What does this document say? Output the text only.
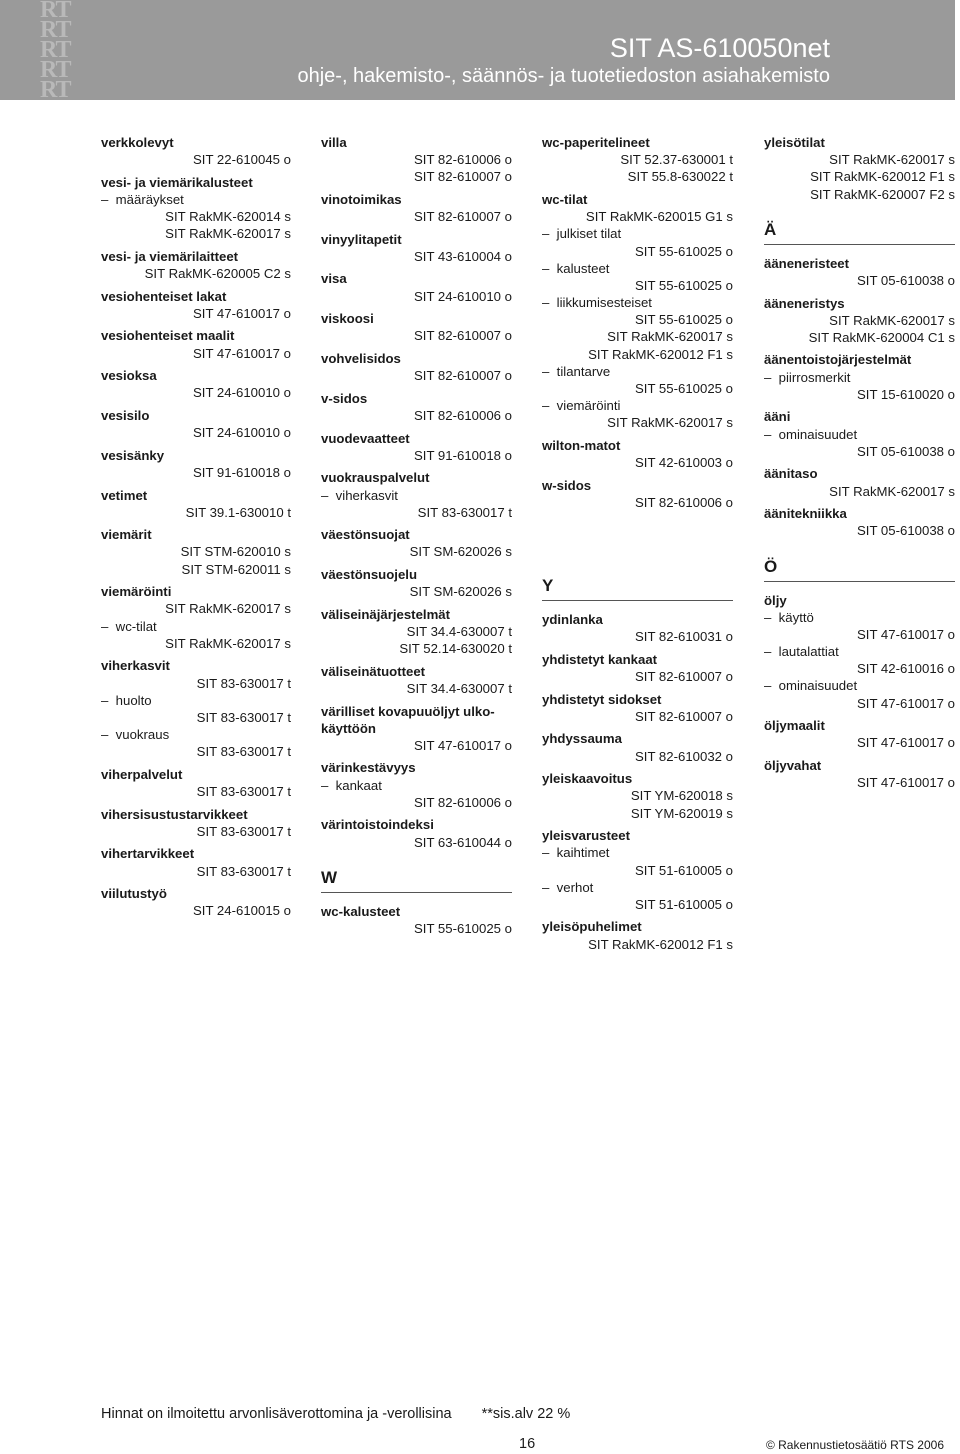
RT
RT
RT
RT
RT
SIT AS-610050net
ohje-, hakemisto-, säännös- ja tuotetiedoston asiahakemisto
verkkolevyt
SIT 22-610045 o
vesi- ja viemärikalusteet
–  määräykset
SIT RakMK-620014 s
SIT RakMK-620017 s
vesi- ja viemärilaitteet
SIT RakMK-620005 C2 s
vesiohenteiset lakat
SIT 47-610017 o
vesiohenteiset maalit
SIT 47-610017 o
vesioksa
SIT 24-610010 o
vesisilo
SIT 24-610010 o
vesisänky
SIT 91-610018 o
vetimet
SIT 39.1-630010 t
viemärit
SIT STM-620010 s
SIT STM-620011 s
viemäröinti
SIT RakMK-620017 s
–  wc-tilat
SIT RakMK-620017 s
viherkasvit
SIT 83-630017 t
–  huolto
SIT 83-630017 t
–  vuokraus
SIT 83-630017 t
viherpalvelut
SIT 83-630017 t
vihersisustustarvikkeet
SIT 83-630017 t
vihertarvikkeet
SIT 83-630017 t
viilutustyö
SIT 24-610015 o
villa
SIT 82-610006 o
SIT 82-610007 o
vinotoimikas
SIT 82-610007 o
vinyylitapetit
SIT 43-610004 o
visa
SIT 24-610010 o
viskoosi
SIT 82-610007 o
vohvelisidos
SIT 82-610007 o
v-sidos
SIT 82-610006 o
vuodevaatteet
SIT 91-610018 o
vuokrauspalvelut
–  viherkasvit
SIT 83-630017 t
väestönsuojat
SIT SM-620026 s
väestönsuojelu
SIT SM-620026 s
väliseinäjärjestelmät
SIT 34.4-630007 t
SIT 52.14-630020 t
väliseinätuotteet
SIT 34.4-630007 t
värilliset kovapuuöljyt ulko-
käyttöön
SIT 47-610017 o
värinkestävyys
–  kankaat
SIT 82-610006 o
värintoistoindeksi
SIT 63-610044 o
W
wc-kalusteet
SIT 55-610025 o
wc-paperitelineet
SIT 52.37-630001 t
SIT 55.8-630022 t
wc-tilat
SIT RakMK-620015 G1 s
–  julkiset tilat
SIT 55-610025 o
–  kalusteet
SIT 55-610025 o
–  liikkumisesteiset
SIT 55-610025 o
SIT RakMK-620017 s
SIT RakMK-620012 F1 s
–  tilantarve
SIT 55-610025 o
–  viemäröinti
SIT RakMK-620017 s
wilton-matot
SIT 42-610003 o
w-sidos
SIT 82-610006 o
Y
ydinlanka
SIT 82-610031 o
yhdistetyt kankaat
SIT 82-610007 o
yhdistetyt sidokset
SIT 82-610007 o
yhdyssauma
SIT 82-610032 o
yleiskaavoitus
SIT YM-620018 s
SIT YM-620019 s
yleisvarusteet
–  kaihtimet
SIT 51-610005 o
–  verhot
SIT 51-610005 o
yleisöpuhelimet
SIT RakMK-620012 F1 s
yleisötilat
SIT RakMK-620017 s
SIT RakMK-620012 F1 s
SIT RakMK-620007 F2 s
Ä
ääneneristeet
SIT 05-610038 o
ääneneristys
SIT RakMK-620017 s
SIT RakMK-620004 C1 s
äänentoistojärjestelmät
–  piirrosmerkit
SIT 15-610020 o
ääni
–  ominaisuudet
SIT 05-610038 o
äänitaso
SIT RakMK-620017 s
äänitekniikka
SIT 05-610038 o
Ö
öljy
–  käyttö
SIT 47-610017 o
–  lautalattiat
SIT 42-610016 o
–  ominaisuudet
SIT 47-610017 o
öljymaalit
SIT 47-610017 o
öljyvahat
SIT 47-610017 o
Hinnat on ilmoitettu arvonlisäverottomina ja -verollisina **sis.alv 22 %
16	© Rakennustietosäätiö RTS 2006
